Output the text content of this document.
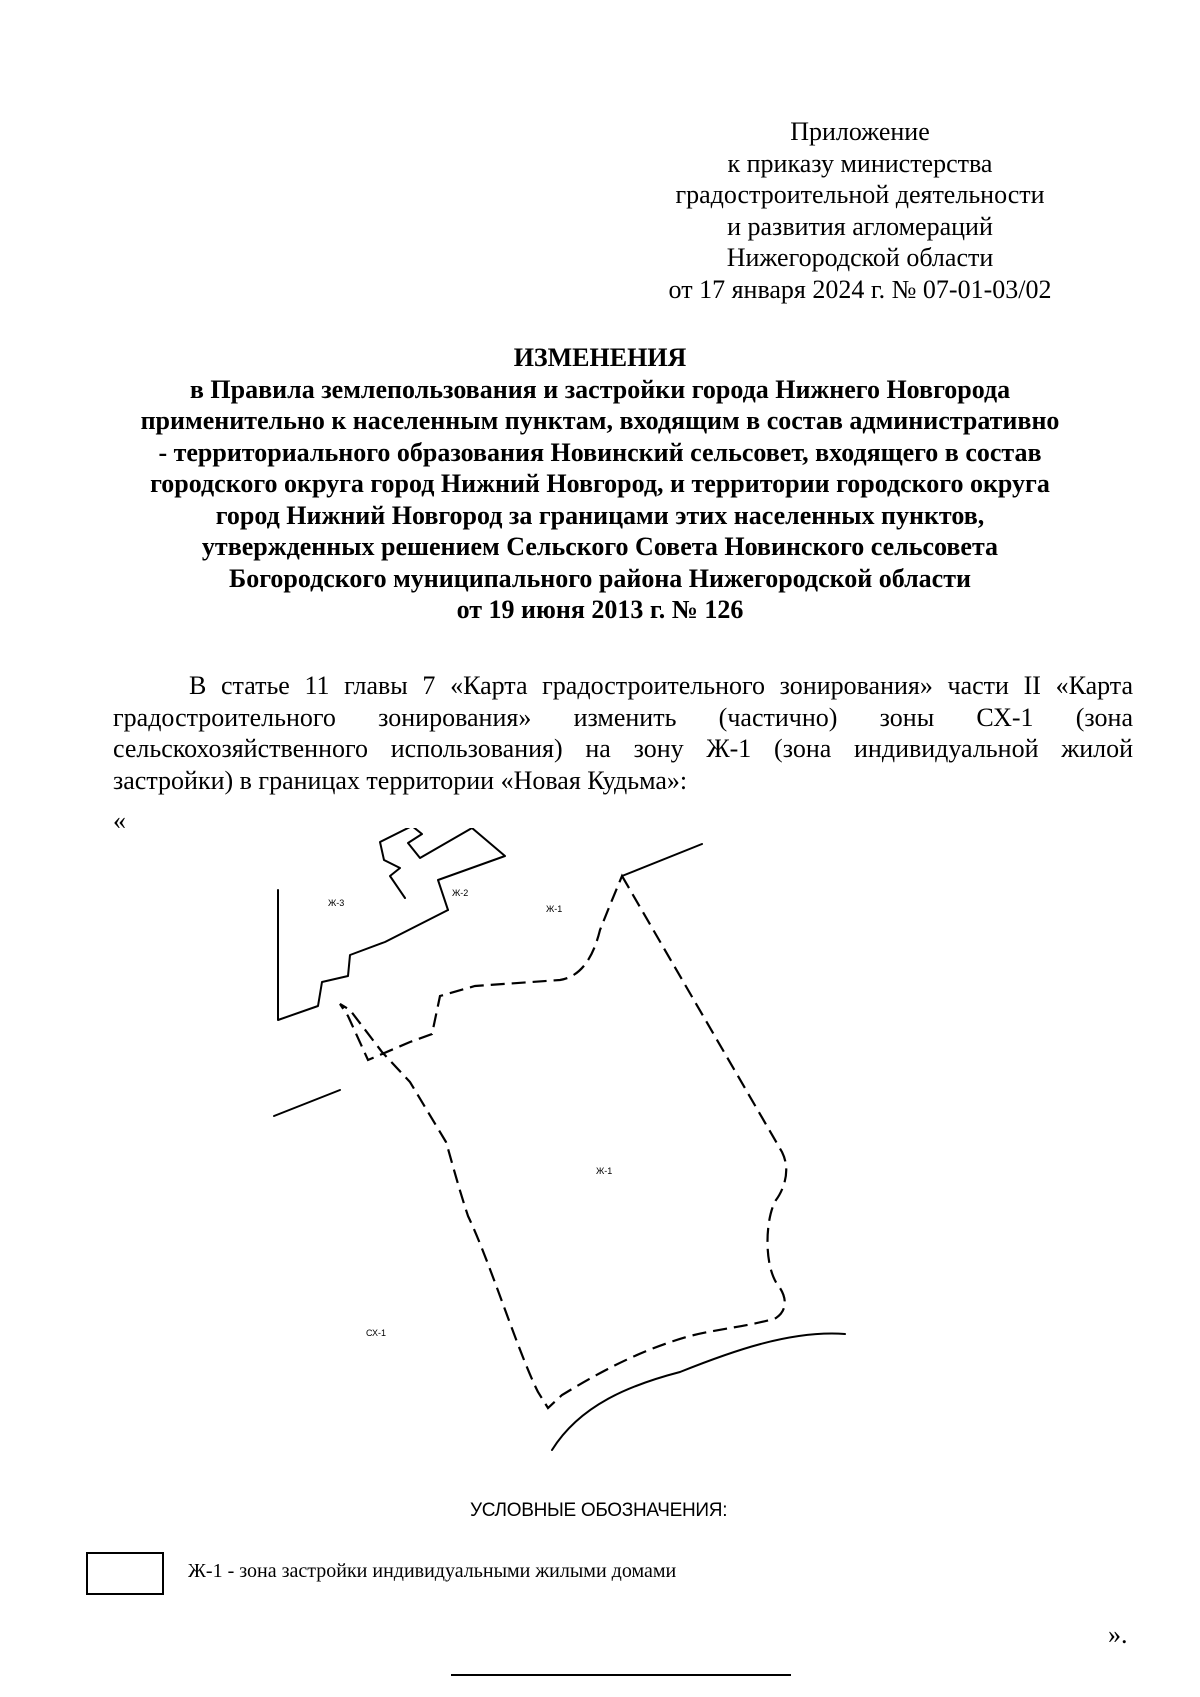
Приложение
к приказу министерства
градостроительной деятельности
и развития агломераций
Нижегородской области
от 17 января 2024 г. № 07-01-03/02
ИЗМЕНЕНИЯ
в Правила землепользования и застройки города Нижнего Новгорода
применительно к населенным пунктам, входящим в состав административно
- территориального образования Новинский сельсовет, входящего в состав
городского округа город Нижний Новгород, и территории городского округа
город Нижний Новгород за границами этих населенных пунктов,
утвержденных решением Сельского Совета Новинского сельсовета
Богородского муниципального района Нижегородской области
от 19 июня 2013 г. № 126
В статье 11 главы 7 «Карта градостроительного зонирования» части II «Карта
градостроительного зонирования» изменить (частично) зоны СХ-1 (зона
сельскохозяйственного использования) на зону Ж-1 (зона индивидуальной жилой
застройки) в границах территории «Новая Кудьма»:
«
Ж-3
Ж-2
Ж-1
Ж-1
СХ-1
УСЛОВНЫЕ ОБОЗНАЧЕНИЯ:
Ж-1 - зона застройки индивидуальными жилыми домами
».
